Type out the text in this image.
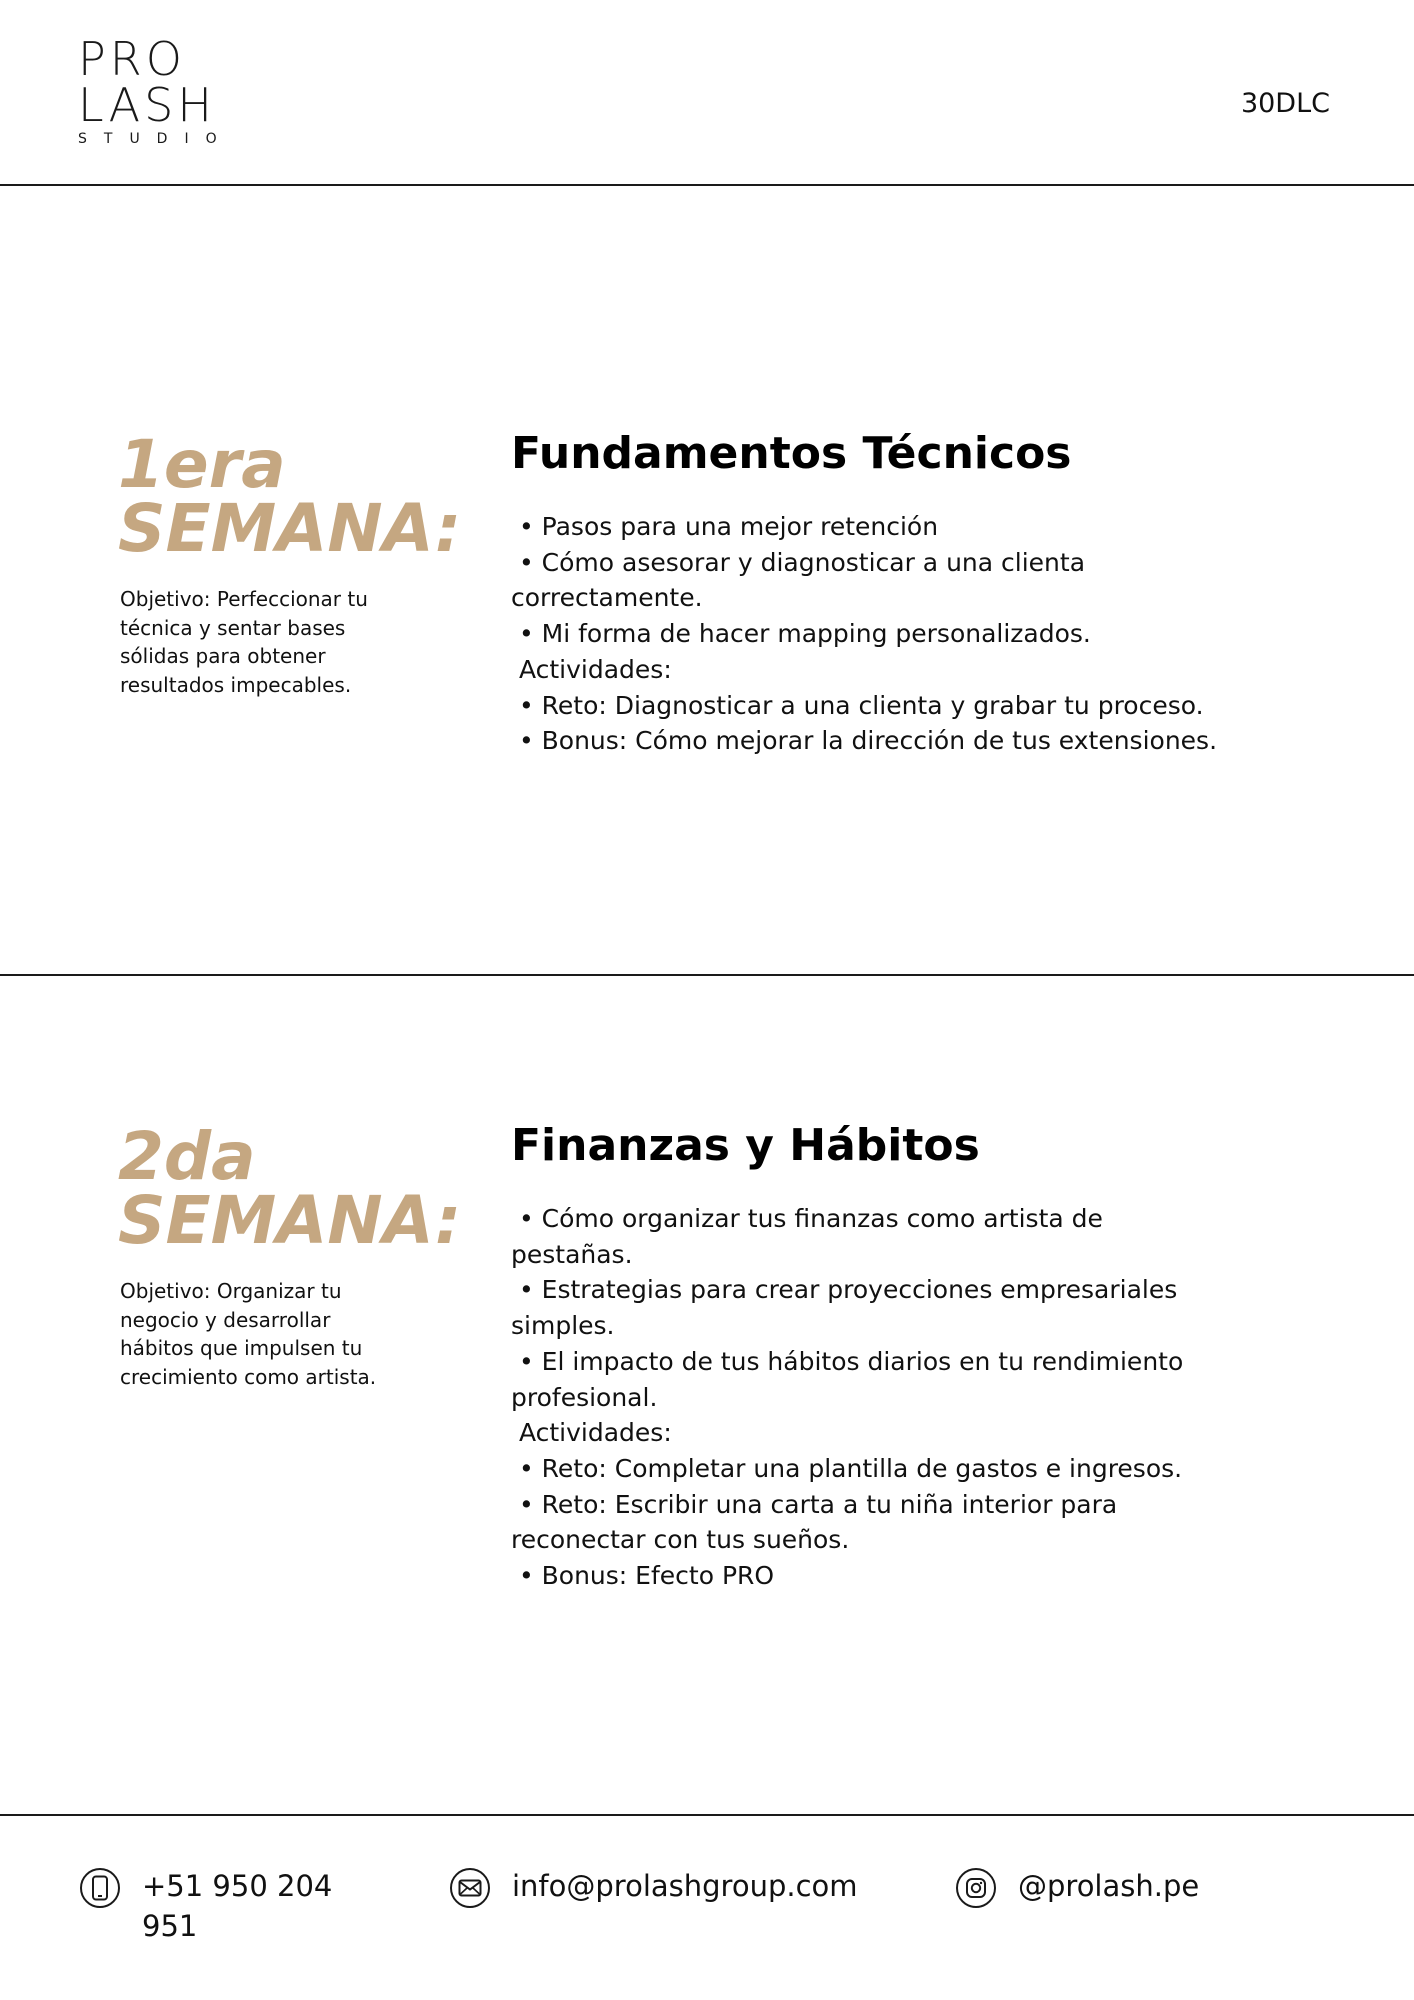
PRO
LASH
STUDIO
30DLC
1era
SEMANA:
Objetivo: Perfeccionar tu
técnica y sentar bases
sólidas para obtener
resultados impecables.
Fundamentos Técnicos
• Pasos para una mejor retención
• Cómo asesorar y diagnosticar a una clienta
correctamente.
• Mi forma de hacer mapping personalizados.
Actividades:
• Reto: Diagnosticar a una clienta y grabar tu proceso.
• Bonus: Cómo mejorar la dirección de tus extensiones.
2da
SEMANA:
Objetivo: Organizar tu
negocio y desarrollar
hábitos que impulsen tu
crecimiento como artista.
Finanzas y Hábitos
• Cómo organizar tus finanzas como artista de
pestañas.
• Estrategias para crear proyecciones empresariales
simples.
• El impacto de tus hábitos diarios en tu rendimiento
profesional.
Actividades:
• Reto: Completar una plantilla de gastos e ingresos.
• Reto: Escribir una carta a tu niña interior para
reconectar con tus sueños.
• Bonus: Efecto PRO
+51 950 204
951
info@prolashgroup.com	@prolash.pe
